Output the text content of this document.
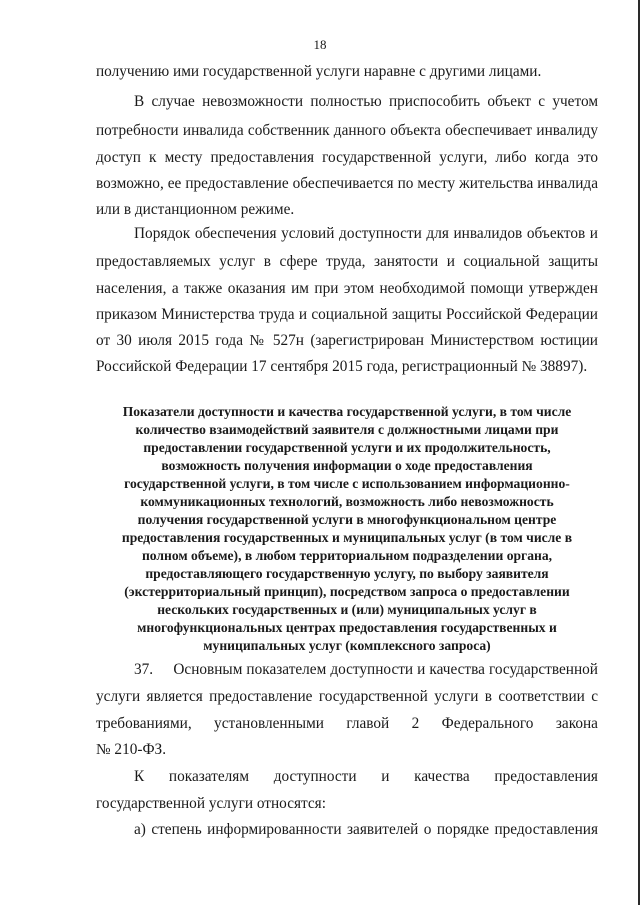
18
получению ими государственной услуги наравне с другими лицами.
В случае невозможности полностью приспособить объект с учетом
потребности инвалида собственник данного объекта обеспечивает инвалиду
доступ к месту предоставления государственной услуги, либо когда это
возможно, ее предоставление обеспечивается по месту жительства инвалида
или в дистанционном режиме.
Порядок обеспечения условий доступности для инвалидов объектов и
предоставляемых услуг в сфере труда, занятости и социальной защиты
населения, а также оказания им при этом необходимой помощи утвержден
приказом Министерства труда и социальной защиты Российской Федерации
от 30 июля 2015 года № 527н (зарегистрирован Министерством юстиции
Российской Федерации 17 сентября 2015 года, регистрационный № 38897).
Показатели доступности и качества государственной услуги, в том числе
количество взаимодействий заявителя с должностными лицами при
предоставлении государственной услуги и их продолжительность,
возможность получения информации о ходе предоставления
государственной услуги, в том числе с использованием информационно-
коммуникационных технологий, возможность либо невозможность
получения государственной услуги в многофункциональном центре
предоставления государственных и муниципальных услуг (в том числе в
полном объеме), в любом территориальном подразделении органа,
предоставляющего государственную услугу, по выбору заявителя
(экстерриториальный принцип), посредством запроса о предоставлении
нескольких государственных и (или) муниципальных услуг в
многофункциональных центрах предоставления государственных и
муниципальных услуг (комплексного запроса)
37.     Основным показателем доступности и качества государственной
услуги является предоставление государственной услуги в соответствии с
требованиями, установленными главой 2 Федерального закона
№ 210-ФЗ.
К показателям доступности и качества предоставления
государственной услуги относятся:
а) степень информированности заявителей о порядке предоставления
